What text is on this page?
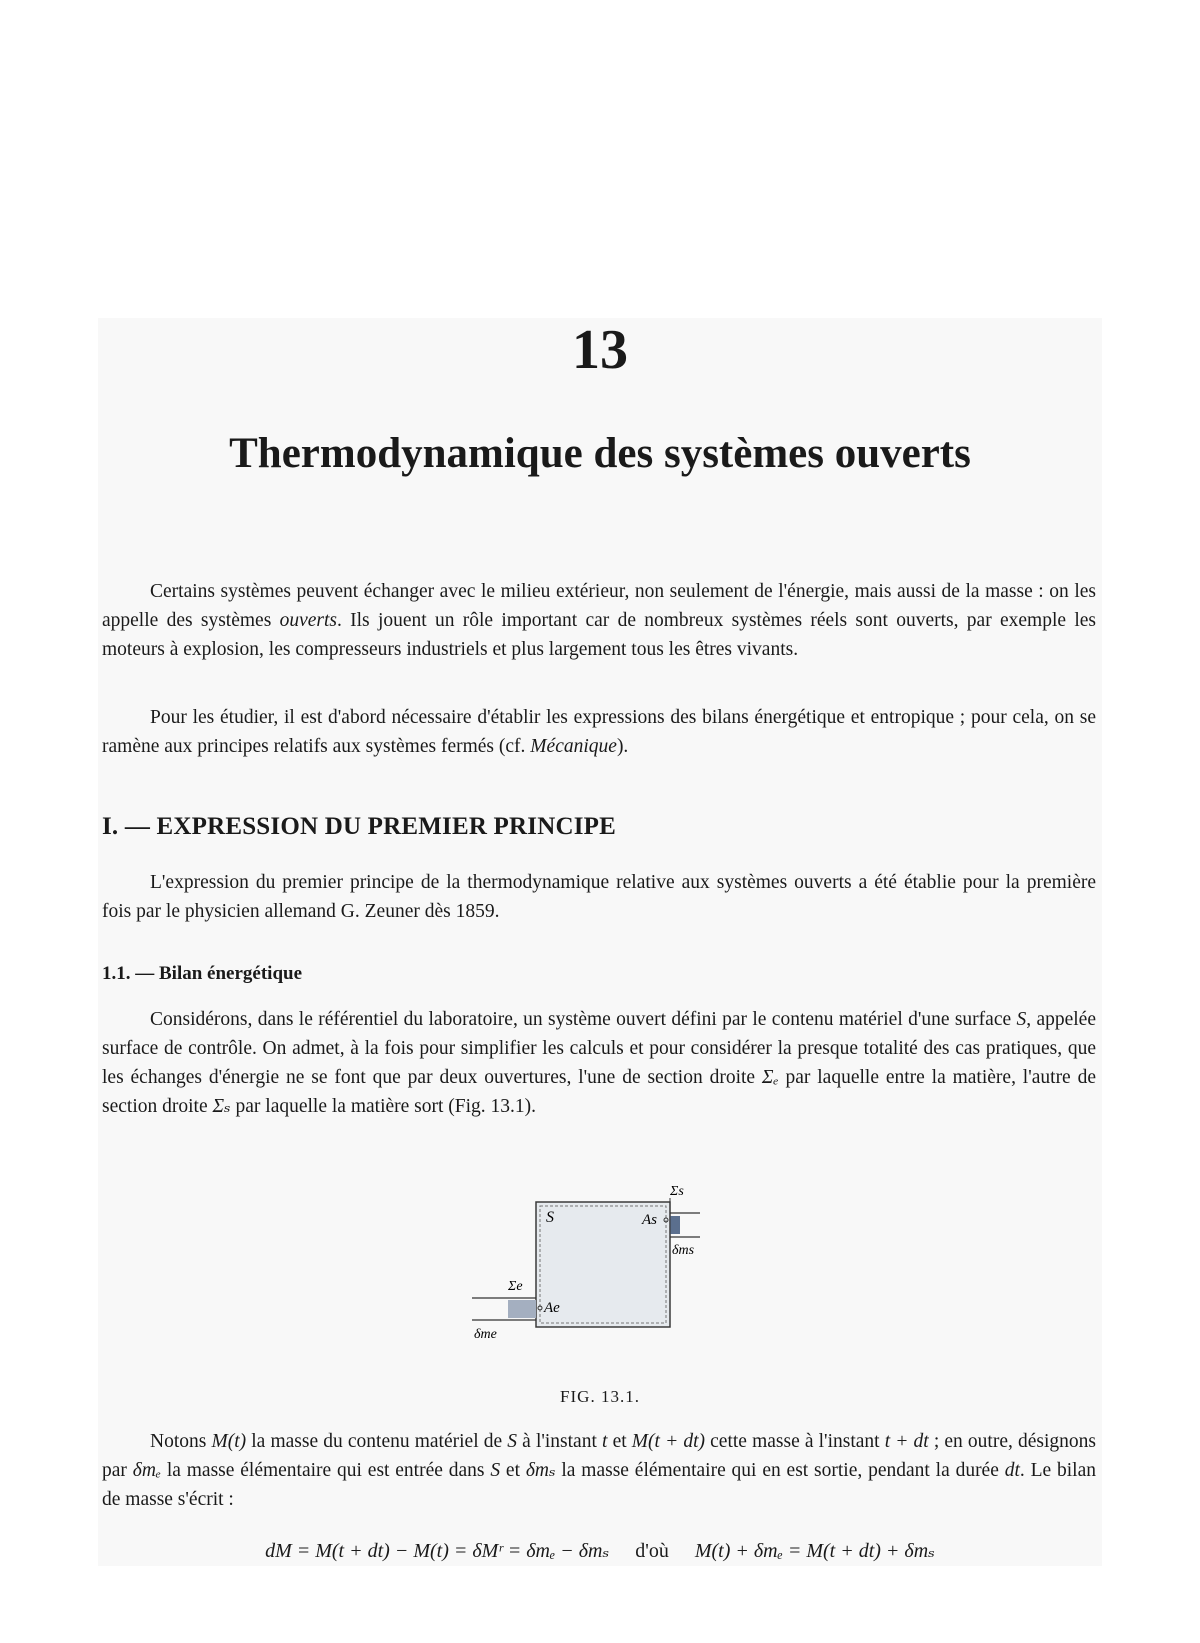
13
Thermodynamique des systèmes ouverts

Certains systèmes peuvent échanger avec le milieu extérieur, non seulement de l'énergie, mais aussi de la masse : on les appelle des systèmes ouverts. Ils jouent un rôle important car de nombreux systèmes réels sont ouverts, par exemple les moteurs à explosion, les compresseurs industriels et plus largement tous les êtres vivants.

Pour les étudier, il est d'abord nécessaire d'établir les expressions des bilans énergétique et entropique ; pour cela, on se ramène aux principes relatifs aux systèmes fermés (cf. Mécanique).

I. — EXPRESSION DU PREMIER PRINCIPE

L'expression du premier principe de la thermodynamique relative aux systèmes ouverts a été établie pour la première fois par le physicien allemand G. Zeuner dès 1859.

1.1. — Bilan énergétique

Considérons, dans le référentiel du laboratoire, un système ouvert défini par le contenu matériel d'une surface S, appelée surface de contrôle. On admet, à la fois pour simplifier les calculs et pour considérer la presque totalité des cas pratiques, que les échanges d'énergie ne se font que par deux ouvertures, l'une de section droite Σₑ par laquelle entre la matière, l'autre de section droite Σₛ par laquelle la matière sort (Fig. 13.1).

S	As
Ae
Σs
Σe
δms
δme
FIG. 13.1.

Notons M(t) la masse du contenu matériel de S à l'instant t et M(t + dt) cette masse à l'instant t + dt ; en outre, désignons par δmₑ la masse élémentaire qui est entrée dans S et δmₛ la masse élémentaire qui en est sortie, pendant la durée dt. Le bilan de masse s'écrit :

dM = M(t + dt) − M(t) = δMʳ = δmₑ − δmₛ d'où M(t) + δmₑ = M(t + dt) + δmₛ
